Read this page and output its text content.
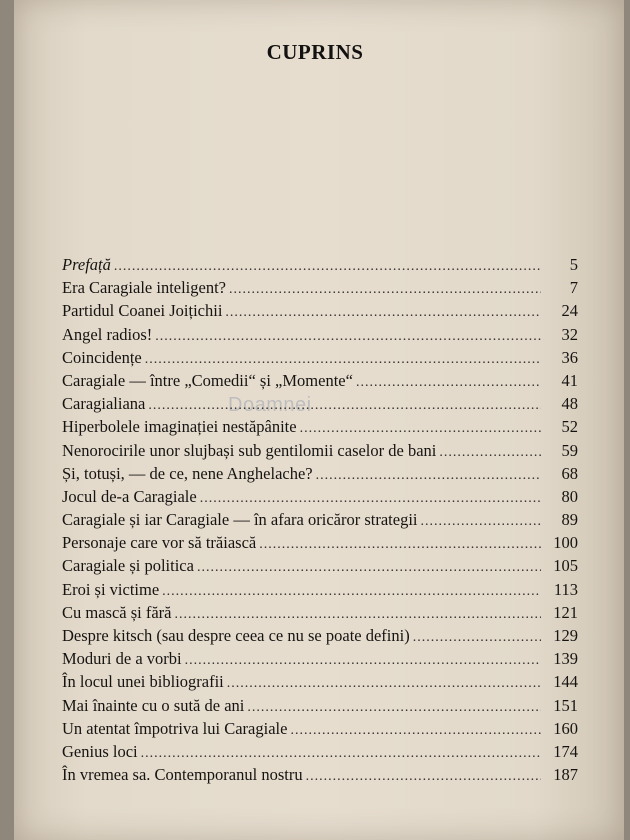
CUPRINS
Doamnei
Prefață .....	5
Era Caragiale inteligent? .....	7
Partidul Coanei Joițichii .....	24
Angel radios! .....	32
Coincidențe .....	36
Caragiale — între „Comedii“ și „Momente“ .....	41
Caragialiana .....	48
Hiperbolele imaginației nestăpânite .....	52
Nenorocirile unor slujbași sub gentilomii caselor de bani .....	59
Și, totuși, — de ce, nene Anghelache? .....	68
Jocul de-a Caragiale .....	80
Caragiale și iar Caragiale — în afara oricăror strategii .....	89
Personaje care vor să trăiască .....	100
Caragiale și politica .....	105
Eroi și victime .....	113
Cu mască și fără .....	121
Despre kitsch (sau despre ceea ce nu se poate defini) .....	129
Moduri de a vorbi .....	139
În locul unei bibliografii .....	144
Mai înainte cu o sută de ani .....	151
Un atentat împotriva lui Caragiale .....	160
Genius loci .....	174
În vremea sa. Contemporanul nostru .....	187
